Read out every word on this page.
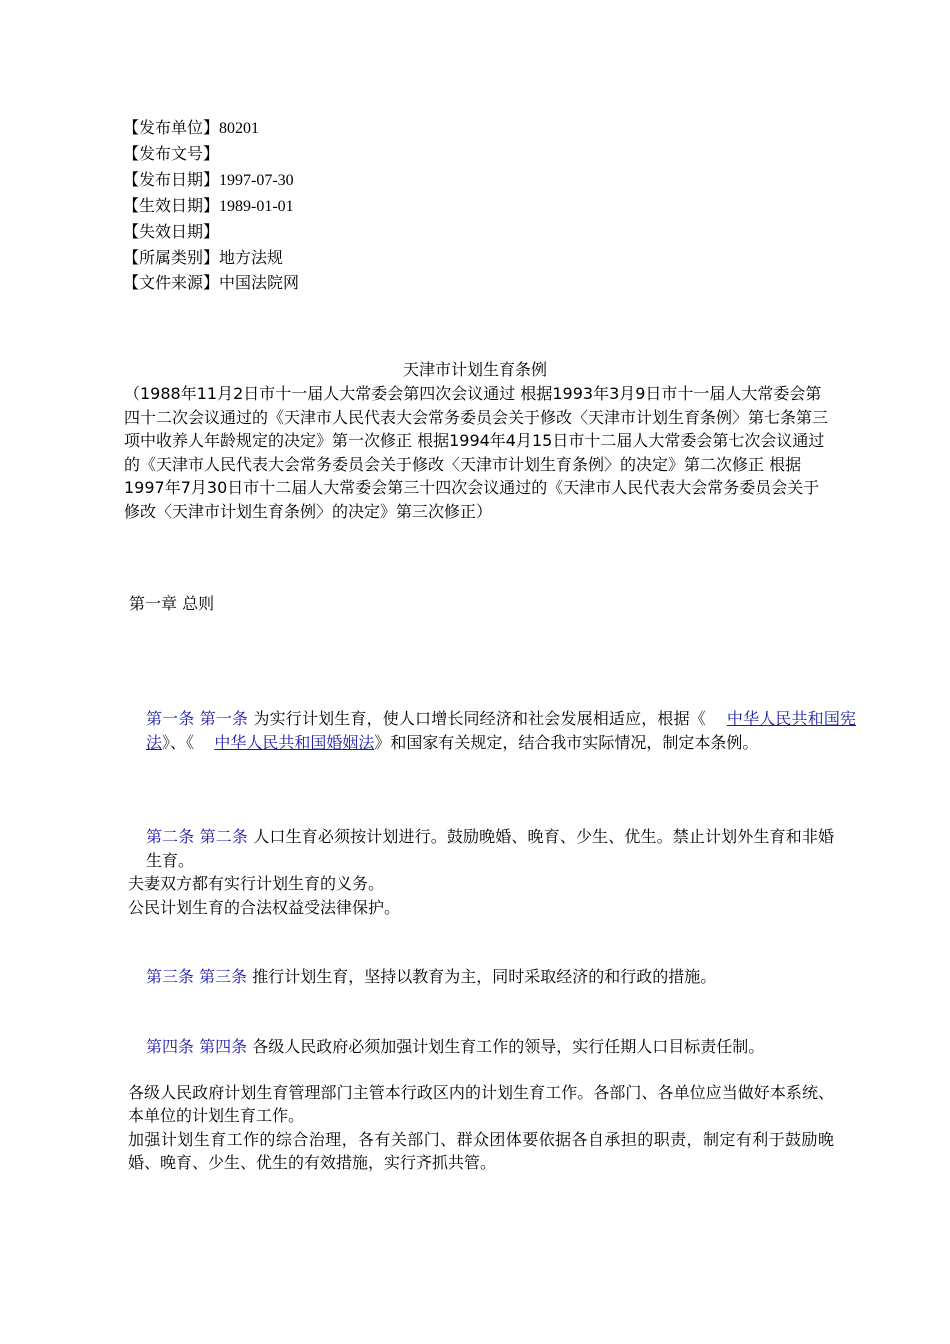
【发布单位】80201
【发布文号】
【发布日期】1997-07-30
【生效日期】1989-01-01
【失效日期】
【所属类别】地方法规
【文件来源】中国法院网
天津市计划生育条例
（1988年11月2日市十一届人大常委会第四次会议通过 根据1993年3月9日市十一届人大常委会第四十二次会议通过的《天津市人民代表大会常务委员会关于修改〈天津市计划生育条例〉第七条第三项中收养人年龄规定的决定》第一次修正 根据1994年4月15日市十二届人大常委会第七次会议通过的《天津市人民代表大会常务委员会关于修改〈天津市计划生育条例〉的决定》第二次修正 根据1997年7月30日市十二届人大常委会第三十四次会议通过的《天津市人民代表大会常务委员会关于修改〈天津市计划生育条例〉的决定》第三次修正）
第一章 总则
第一条 第一条 为实行计划生育，使人口增长同经济和社会发展相适应，根据《 中华人民共和国宪法》、《 中华人民共和国婚姻法》和国家有关规定，结合我市实际情况，制定本条例。
第二条 第二条 人口生育必须按计划进行。鼓励晚婚、晚育、少生、优生。禁止计划外生育和非婚生育。
夫妻双方都有实行计划生育的义务。
公民计划生育的合法权益受法律保护。
第三条 第三条 推行计划生育，坚持以教育为主，同时采取经济的和行政的措施。
第四条 第四条 各级人民政府必须加强计划生育工作的领导，实行任期人口目标责任制。
各级人民政府计划生育管理部门主管本行政区内的计划生育工作。各部门、各单位应当做好本系统、本单位的计划生育工作。
加强计划生育工作的综合治理，各有关部门、群众团体要依据各自承担的职责，制定有利于鼓励晚婚、晚育、少生、优生的有效措施，实行齐抓共管。
